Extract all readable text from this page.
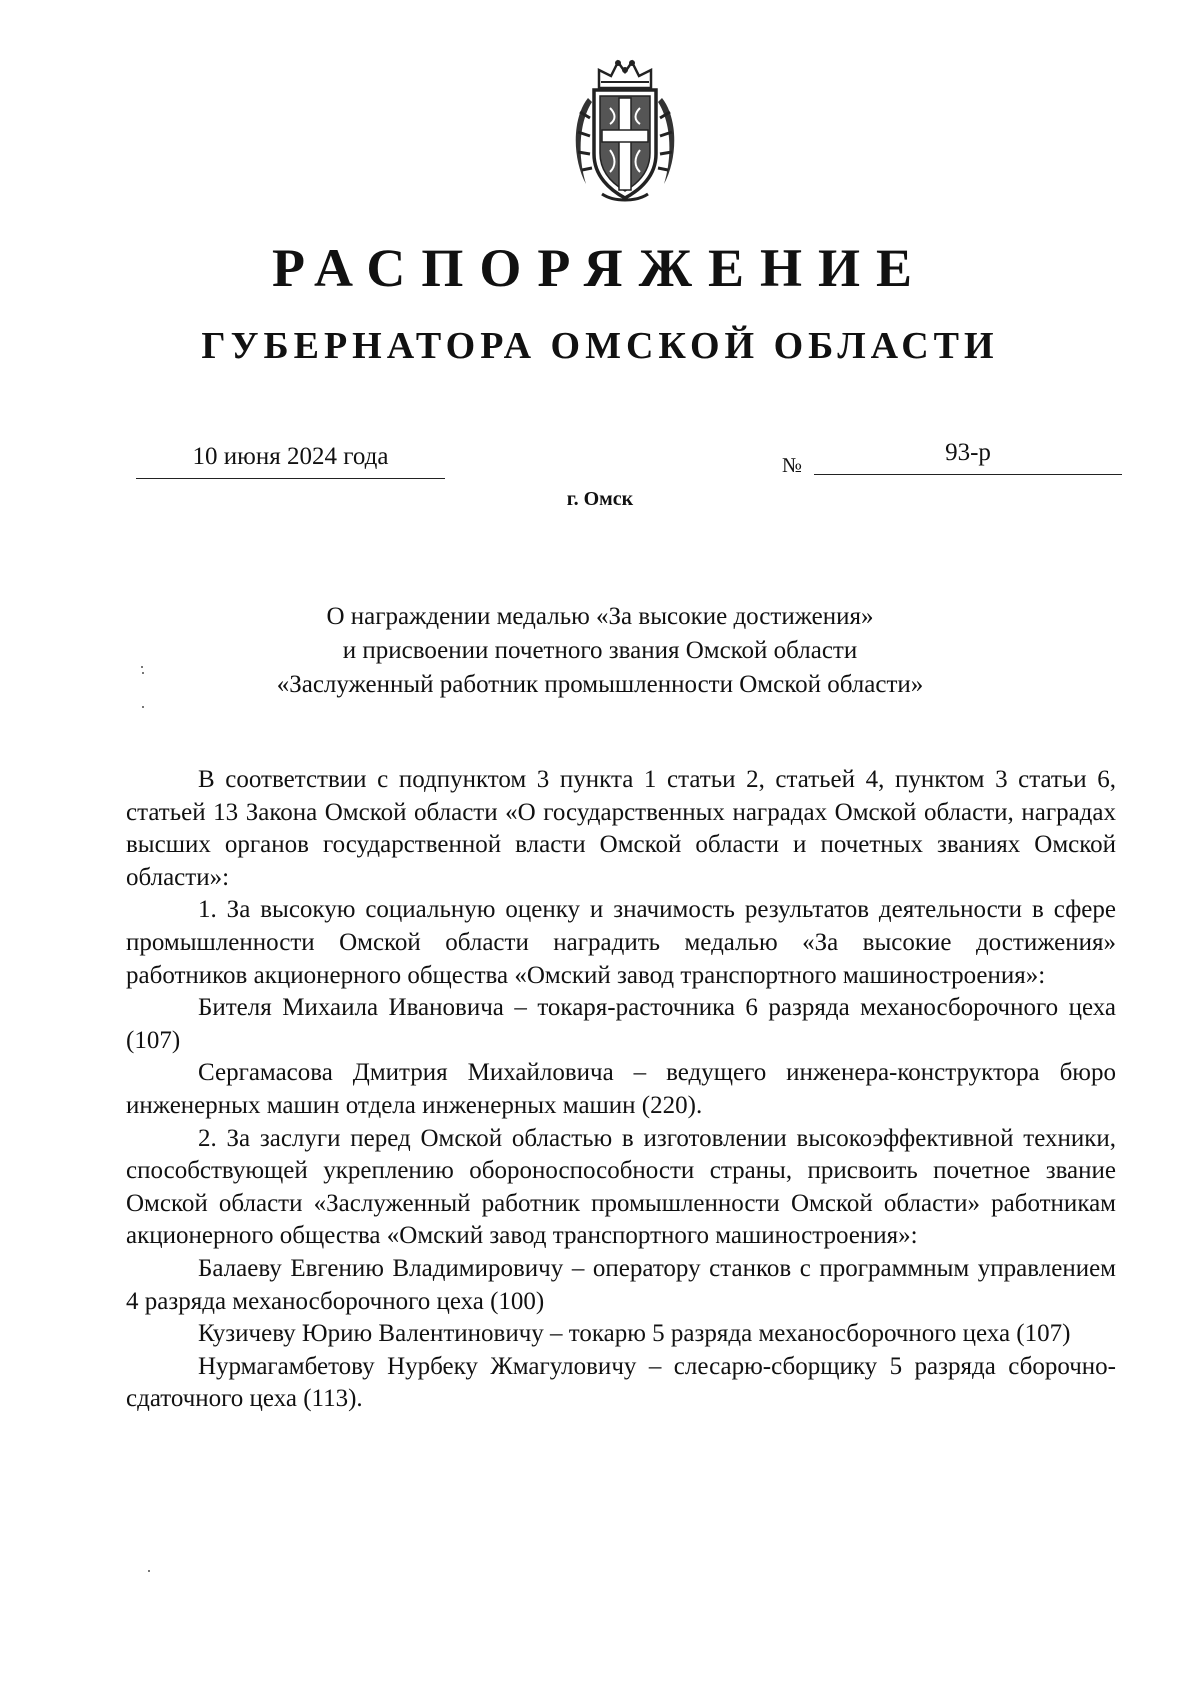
РАСПОРЯЖЕНИЕ
ГУБЕРНАТОРА ОМСКОЙ ОБЛАСТИ
10 июня 2024 года	№	93-р
г. Омск
О награждении медалью «За высокие достижения»
и присвоении почетного звания Омской области
«Заслуженный работник промышленности Омской области»

В соответствии с подпунктом 3 пункта 1 статьи 2, статьей 4, пунктом 3 статьи 6, статьей 13 Закона Омской области «О государственных наградах Омской области, наградах высших органов государственной власти Омской области и почетных званиях Омской области»:

1. За высокую социальную оценку и значимость результатов деятельности в сфере промышленности Омской области наградить медалью «За высокие достижения» работников акционерного общества «Омский завод транспортного машиностроения»:

Бителя Михаила Ивановича – токаря-расточника 6 разряда механосборочного цеха (107)

Сергамасова Дмитрия Михайловича – ведущего инженера-конструктора бюро инженерных машин отдела инженерных машин (220).

2. За заслуги перед Омской областью в изготовлении высокоэффективной техники, способствующей укреплению обороноспособности страны, присвоить почетное звание Омской области «Заслуженный работник промышленности Омской области» работникам акционерного общества «Омский завод транспортного машиностроения»:

Балаеву Евгению Владимировичу – оператору станков с программным управлением 4 разряда механосборочного цеха (100)

Кузичеву Юрию Валентиновичу – токарю 5 разряда механосборочного цеха (107)

Нурмагамбетову Нурбеку Жмагуловичу – слесарю-сборщику 5 разряда сборочно-сдаточного цеха (113).
